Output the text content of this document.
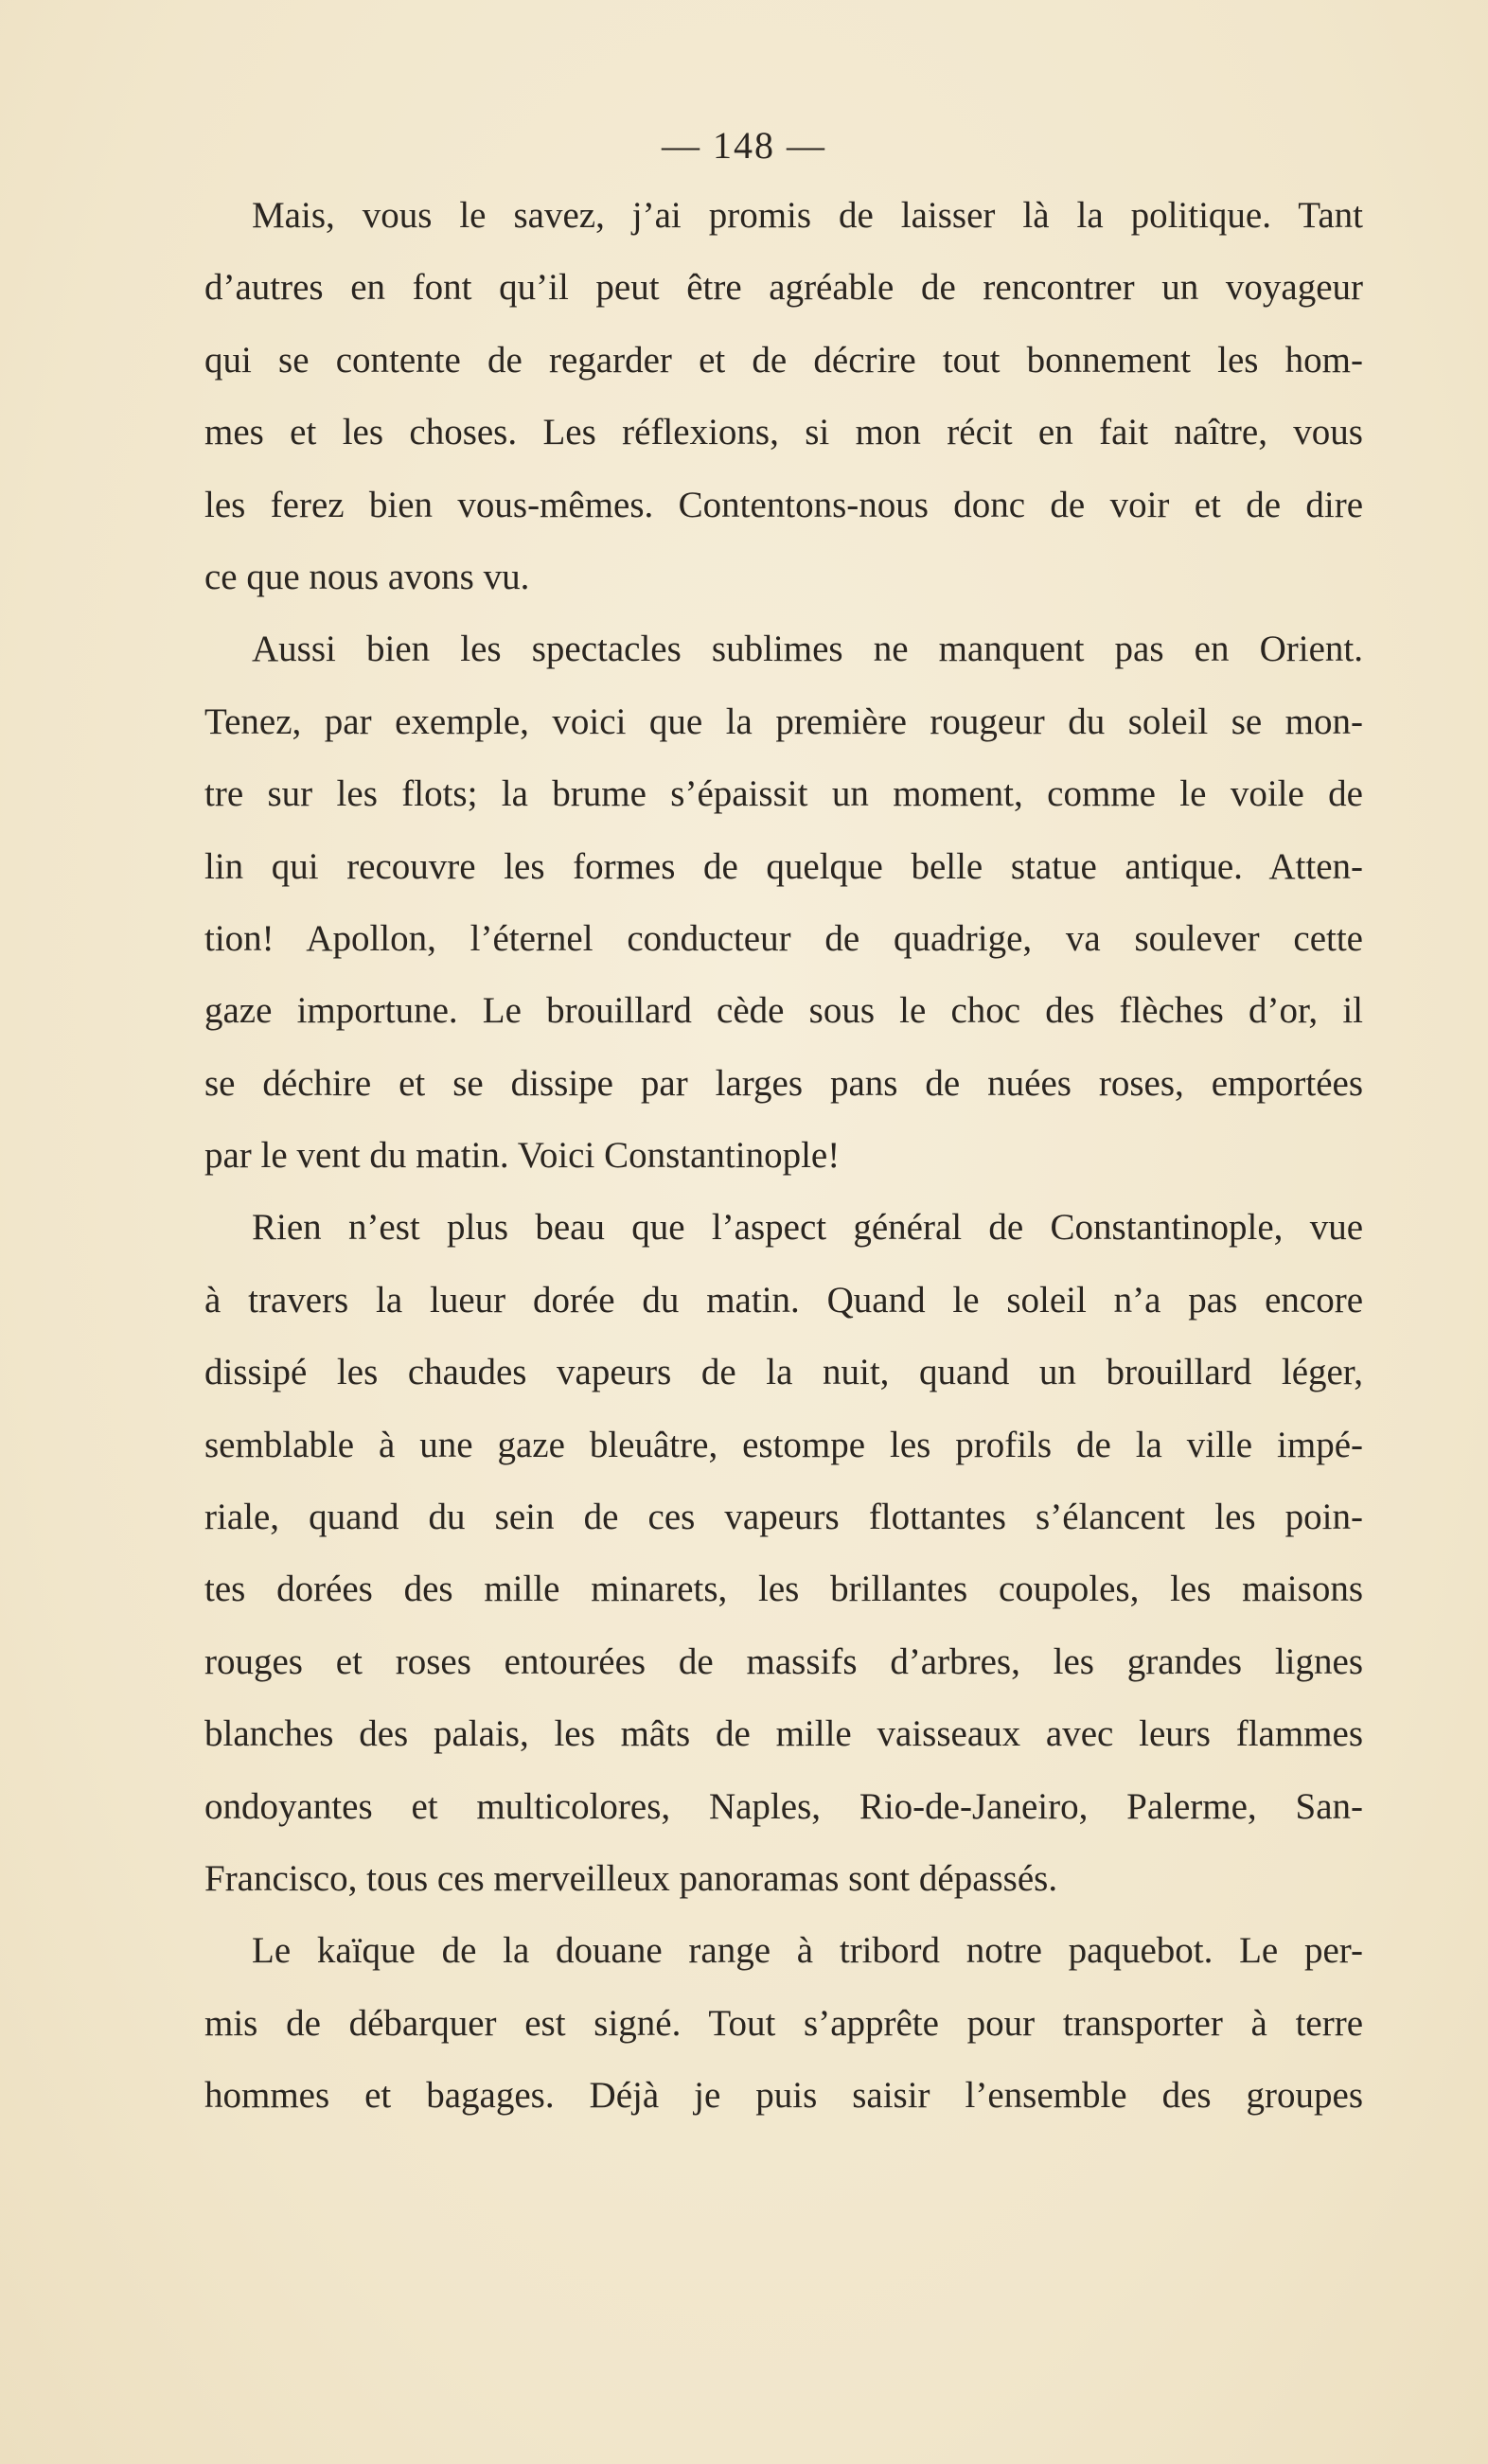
— 148 —
Mais, vous le savez, j’ai promis de laisser là la politique. Tant
d’autres en font qu’il peut être agréable de rencontrer un voyageur
qui se contente de regarder et de décrire tout bonnement les hom-
mes et les choses. Les réflexions, si mon récit en fait naître, vous
les ferez bien vous-mêmes. Contentons-nous donc de voir et de dire
ce que nous avons vu.
Aussi bien les spectacles sublimes ne manquent pas en Orient.
Tenez, par exemple, voici que la première rougeur du soleil se mon-
tre sur les flots; la brume s’épaissit un moment, comme le voile de
lin qui recouvre les formes de quelque belle statue antique. Atten-
tion! Apollon, l’éternel conducteur de quadrige, va soulever cette
gaze importune. Le brouillard cède sous le choc des flèches d’or, il
se déchire et se dissipe par larges pans de nuées roses, emportées
par le vent du matin. Voici Constantinople!
Rien n’est plus beau que l’aspect général de Constantinople, vue
à travers la lueur dorée du matin. Quand le soleil n’a pas encore
dissipé les chaudes vapeurs de la nuit, quand un brouillard léger,
semblable à une gaze bleuâtre, estompe les profils de la ville impé-
riale, quand du sein de ces vapeurs flottantes s’élancent les poin-
tes dorées des mille minarets, les brillantes coupoles, les maisons
rouges et roses entourées de massifs d’arbres, les grandes lignes
blanches des palais, les mâts de mille vaisseaux avec leurs flammes
ondoyantes et multicolores, Naples, Rio-de-Janeiro, Palerme, San-
Francisco, tous ces merveilleux panoramas sont dépassés.
Le kaïque de la douane range à tribord notre paquebot. Le per-
mis de débarquer est signé. Tout s’apprête pour transporter à terre
hommes et bagages. Déjà je puis saisir l’ensemble des groupes
